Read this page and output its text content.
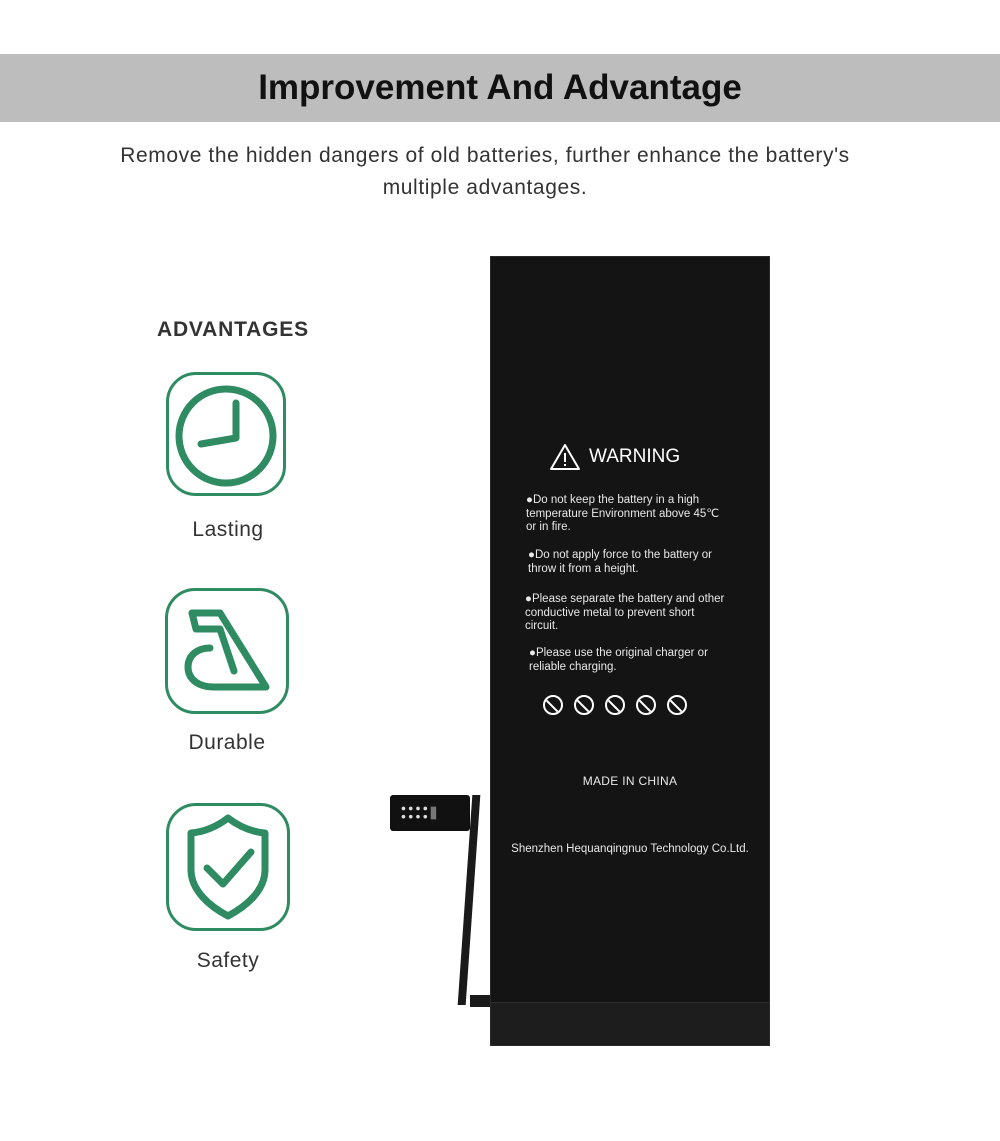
Improvement And Advantage
Remove the hidden dangers of old batteries, further enhance the battery's
multiple advantages.
ADVANTAGES
Lasting
Durable
Safety
WARNING
●Do not keep the battery in a high temperature Environment above 45℃ or in fire.
●Do not apply force to the battery or throw it from a height.
●Please separate the battery and other conductive metal to prevent short circuit.
●Please use the original charger or reliable charging.
MADE IN CHINA
Shenzhen Hequanqingnuo Technology Co.Ltd.
